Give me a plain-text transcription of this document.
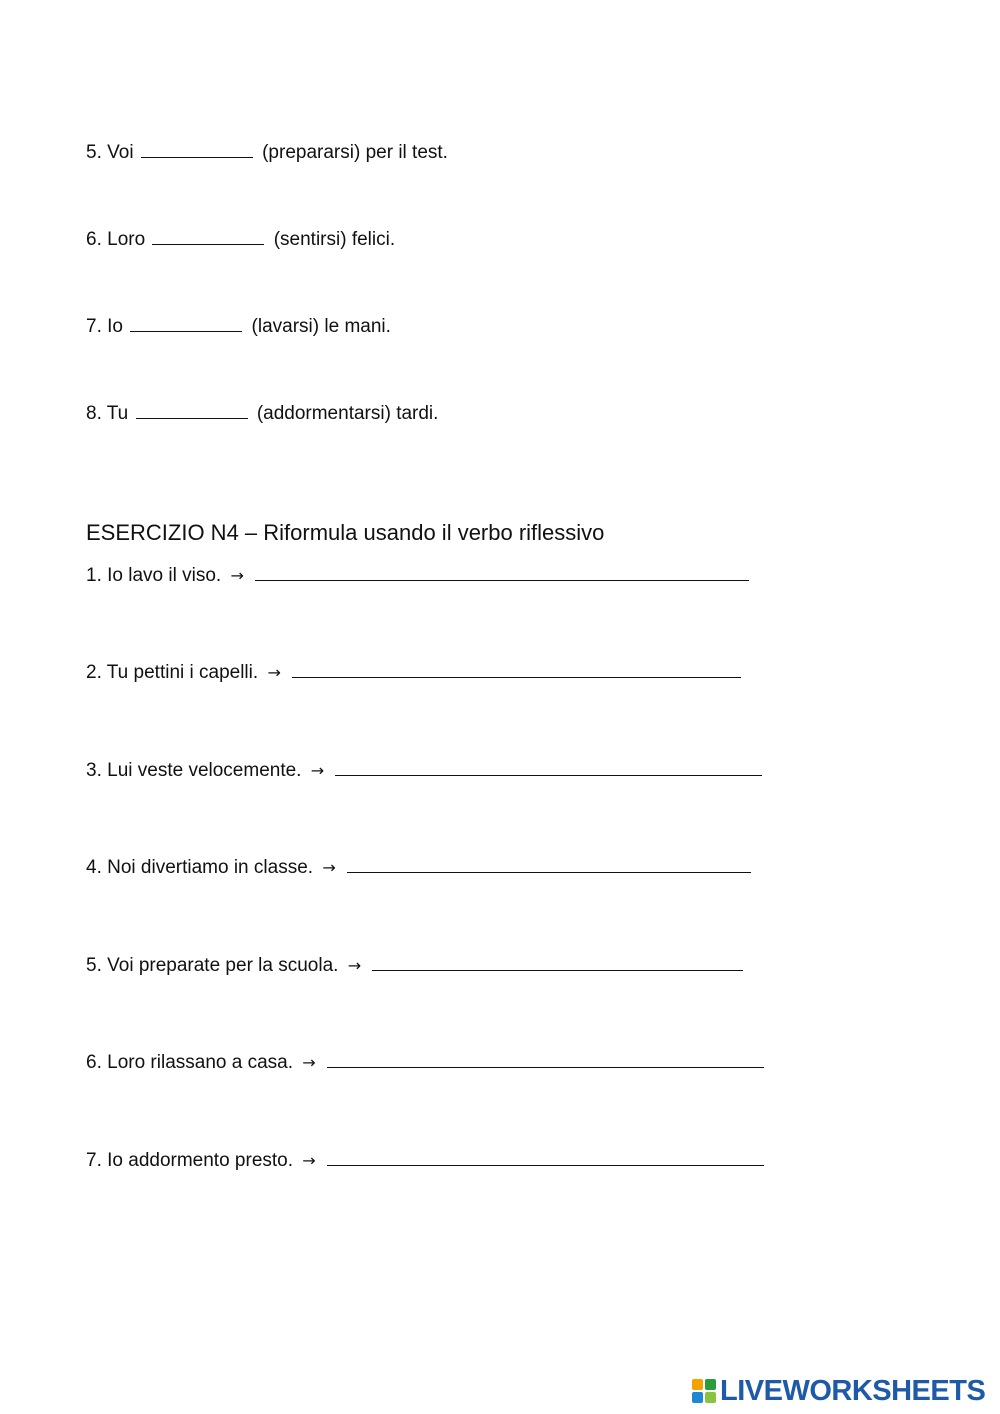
5. Voi	(prepararsi) per il test.
6. Loro	(sentirsi) felici.
7. Io	(lavarsi) le mani.
8. Tu	(addormentarsi) tardi.
ESERCIZIO N4 – Riformula usando il verbo riflessivo
1. Io lavo il viso. →
2. Tu pettini i capelli. →
3. Lui veste velocemente. →
4. Noi divertiamo in classe. →
5. Voi preparate per la scuola. →
6. Loro rilassano a casa. →
7. Io addormento presto. →
LIVEWORKSHEETS
